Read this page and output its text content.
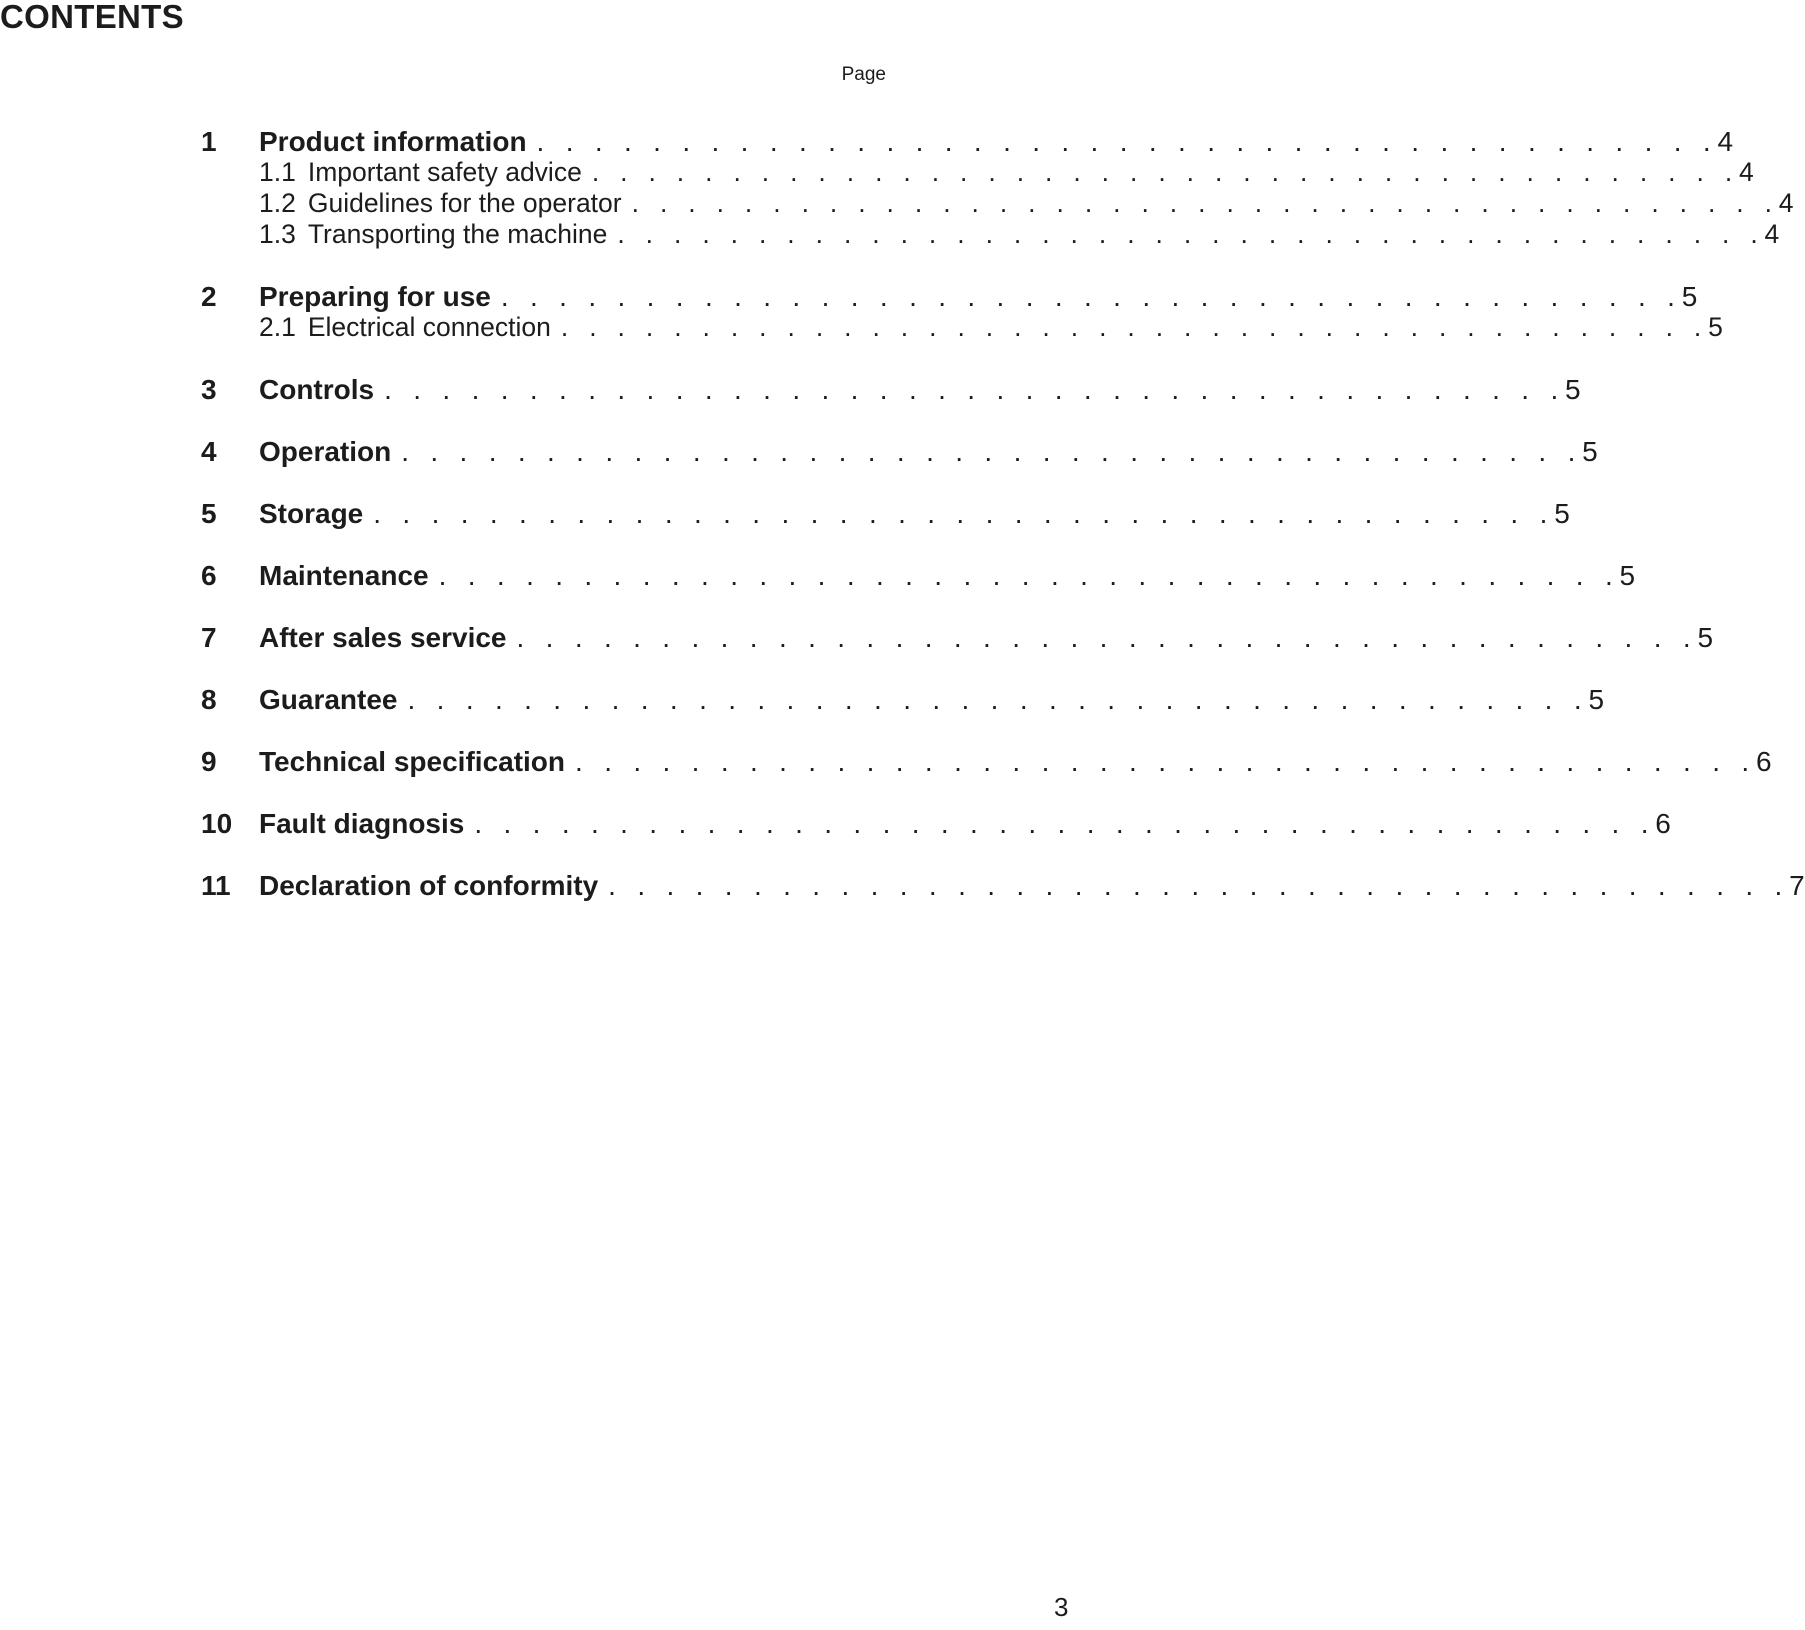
CONTENTS
Page
1	Product information . . . . . . . . . . . . . . . . . . . . . . . . . . . . . . . . . . . . . . . . . 4
1.1 Important safety advice . . . . . . . . . . . . . . . . . . . . . . . . . . . . . . . . . . . . . . . . . 4
1.2 Guidelines for the operator . . . . . . . . . . . . . . . . . . . . . . . . . . . . . . . . . . . . . . . . . 4
1.3 Transporting the machine . . . . . . . . . . . . . . . . . . . . . . . . . . . . . . . . . . . . . . . . . 4
2	Preparing for use . . . . . . . . . . . . . . . . . . . . . . . . . . . . . . . . . . . . . . . . . 5
2.1 Electrical connection . . . . . . . . . . . . . . . . . . . . . . . . . . . . . . . . . . . . . . . . . 5
3	Controls . . . . . . . . . . . . . . . . . . . . . . . . . . . . . . . . . . . . . . . . . 5
4	Operation . . . . . . . . . . . . . . . . . . . . . . . . . . . . . . . . . . . . . . . . . 5
5	Storage . . . . . . . . . . . . . . . . . . . . . . . . . . . . . . . . . . . . . . . . . 5
6	Maintenance . . . . . . . . . . . . . . . . . . . . . . . . . . . . . . . . . . . . . . . . . 5
7	After sales service . . . . . . . . . . . . . . . . . . . . . . . . . . . . . . . . . . . . . . . . . 5
8	Guarantee . . . . . . . . . . . . . . . . . . . . . . . . . . . . . . . . . . . . . . . . . 5
9	Technical specification . . . . . . . . . . . . . . . . . . . . . . . . . . . . . . . . . . . . . . . . . 6
10 Fault diagnosis . . . . . . . . . . . . . . . . . . . . . . . . . . . . . . . . . . . . . . . . . 6
11	Declaration of conformity . . . . . . . . . . . . . . . . . . . . . . . . . . . . . . . . . . . . . . . . . 7
3
